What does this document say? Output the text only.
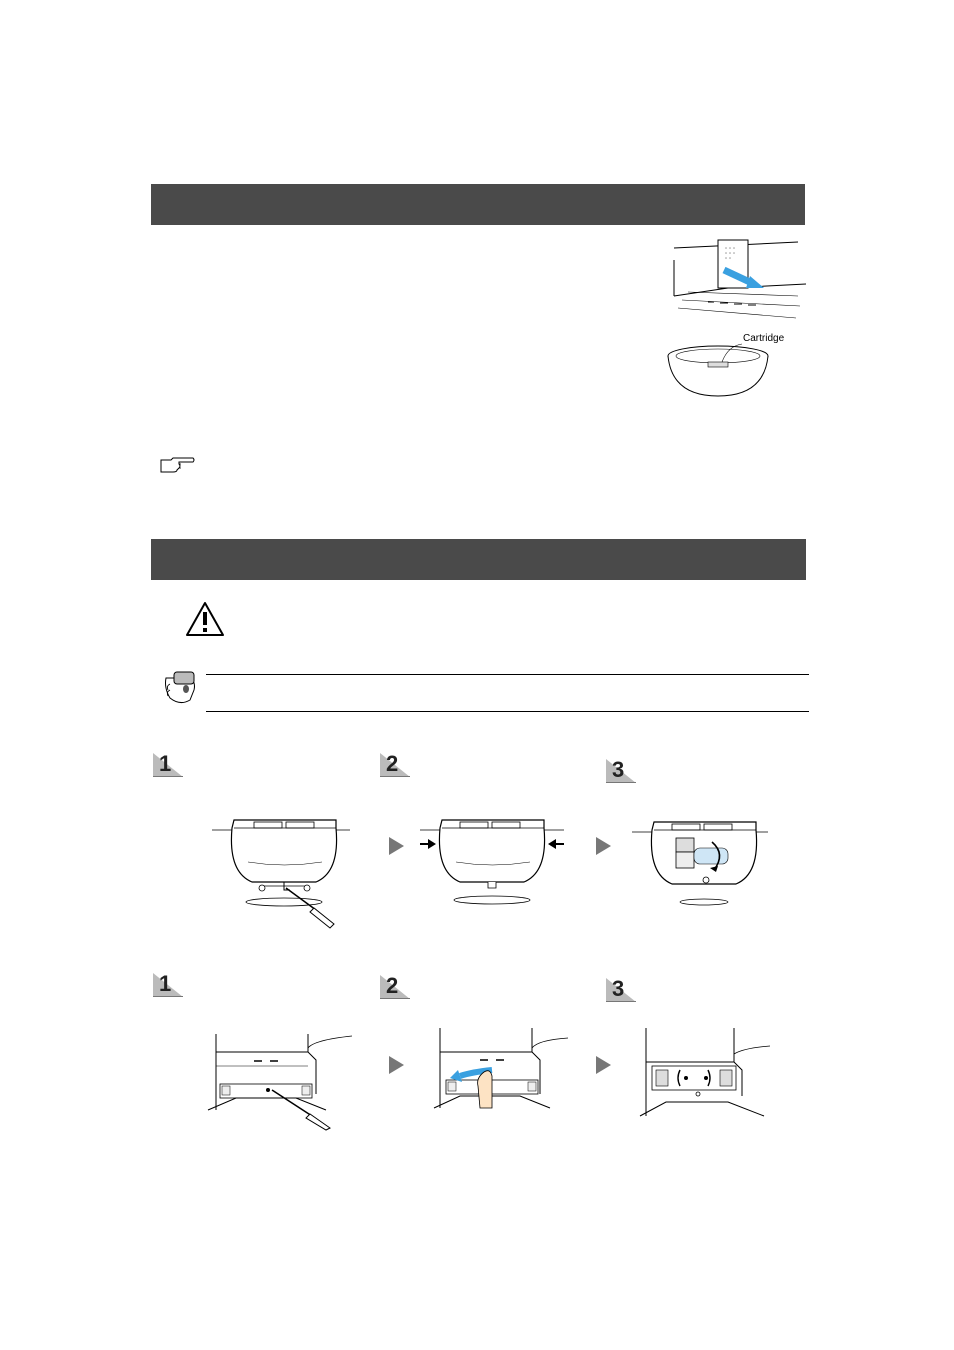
Cartridge
1	2	3
1	2	3
